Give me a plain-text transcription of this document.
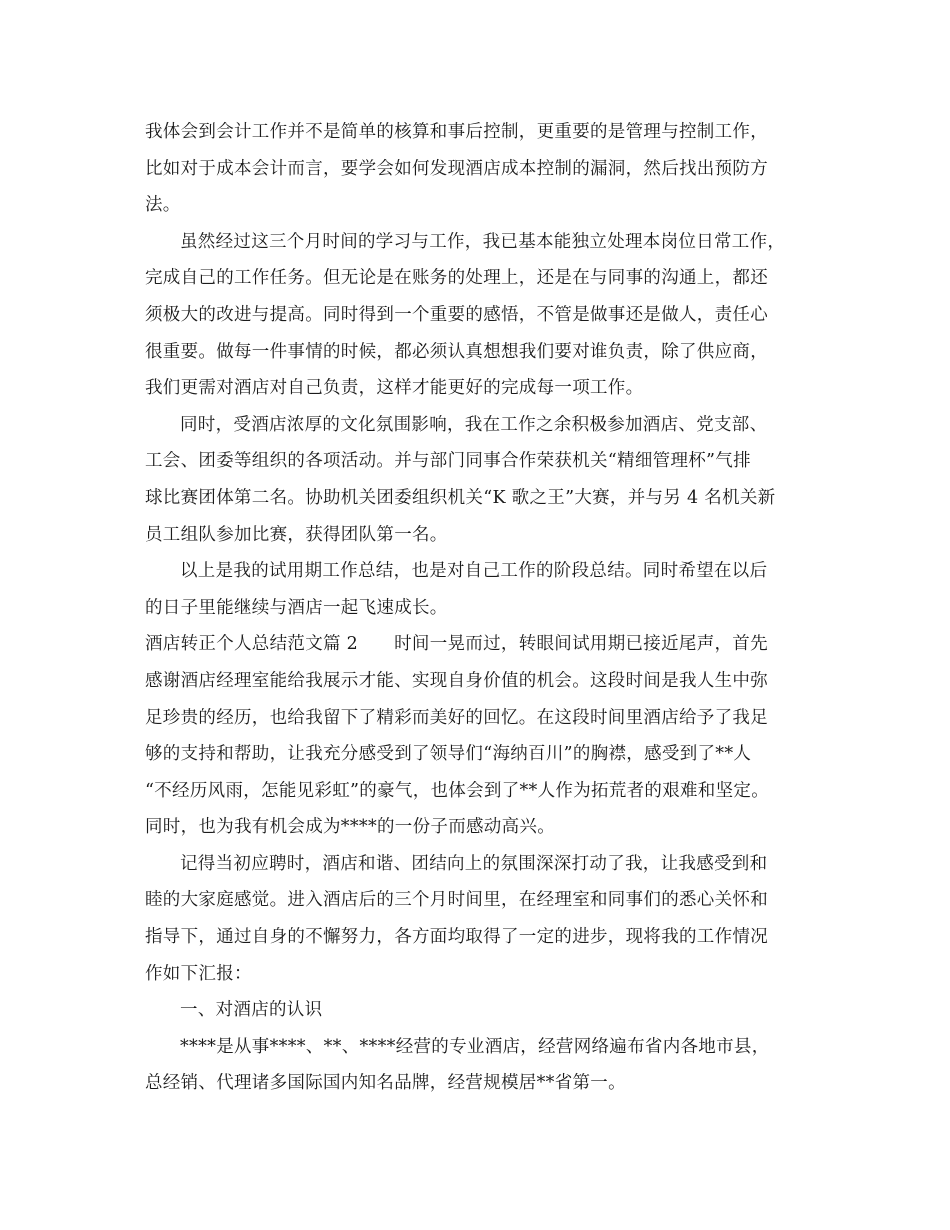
我体会到会计工作并不是简单的核算和事后控制，更重要的是管理与控制工作，
比如对于成本会计而言，要学会如何发现酒店成本控制的漏洞，然后找出预防方
法。
虽然经过这三个月时间的学习与工作，我已基本能独立处理本岗位日常工作，
完成自己的工作任务。但无论是在账务的处理上，还是在与同事的沟通上，都还
须极大的改进与提高。同时得到一个重要的感悟，不管是做事还是做人，责任心
很重要。做每一件事情的时候，都必须认真想想我们要对谁负责，除了供应商，
我们更需对酒店对自己负责，这样才能更好的完成每一项工作。
同时，受酒店浓厚的文化氛围影响，我在工作之余积极参加酒店、党支部、
工会、团委等组织的各项活动。并与部门同事合作荣获机关“精细管理杯”气排
球比赛团体第二名。协助机关团委组织机关“K 歌之王”大赛，并与另 4 名机关新
员工组队参加比赛，获得团队第一名。
以上是我的试用期工作总结，也是对自己工作的阶段总结。同时希望在以后
的日子里能继续与酒店一起飞速成长。
酒店转正个人总结范文篇 2 时间一晃而过，转眼间试用期已接近尾声，首先
感谢酒店经理室能给我展示才能、实现自身价值的机会。这段时间是我人生中弥
足珍贵的经历，也给我留下了精彩而美好的回忆。在这段时间里酒店给予了我足
够的支持和帮助，让我充分感受到了领导们“海纳百川”的胸襟，感受到了**人
“不经历风雨，怎能见彩虹”的豪气，也体会到了**人作为拓荒者的艰难和坚定。
同时，也为我有机会成为****的一份子而感动高兴。
记得当初应聘时，酒店和谐、团结向上的氛围深深打动了我，让我感受到和
睦的大家庭感觉。进入酒店后的三个月时间里，在经理室和同事们的悉心关怀和
指导下，通过自身的不懈努力，各方面均取得了一定的进步，现将我的工作情况
作如下汇报：
一、对酒店的认识
****是从事****、**、****经营的专业酒店，经营网络遍布省内各地市县，
总经销、代理诸多国际国内知名品牌，经营规模居**省第一。
